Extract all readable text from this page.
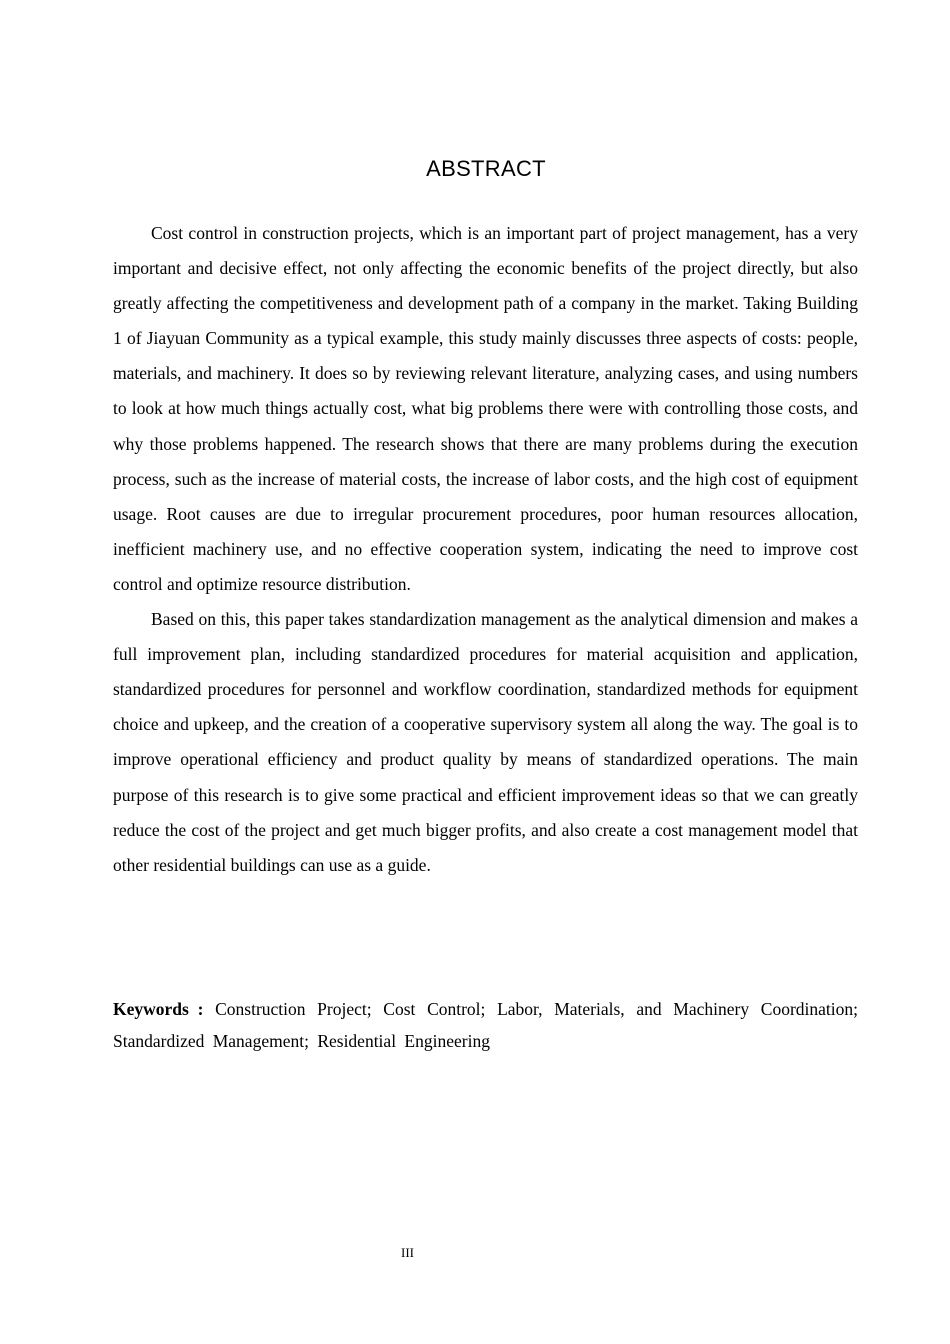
ABSTRACT

Cost control in construction projects, which is an important part of project management, has a very important and decisive effect, not only affecting the economic benefits of the project directly, but also greatly affecting the competitiveness and development path of a company in the market. Taking Building 1 of Jiayuan Community as a typical example, this study mainly discusses three aspects of costs: people, materials, and machinery. It does so by reviewing relevant literature, analyzing cases, and using numbers to look at how much things actually cost, what big problems there were with controlling those costs, and why those problems happened. The research shows that there are many problems during the execution process, such as the increase of material costs, the increase of labor costs, and the high cost of equipment usage. Root causes are due to irregular procurement procedures, poor human resources allocation, inefficient machinery use, and no effective cooperation system, indicating the need to improve cost control and optimize resource distribution.

Based on this, this paper takes standardization management as the analytical dimension and makes a full improvement plan, including standardized procedures for material acquisition and application, standardized procedures for personnel and workflow coordination, standardized methods for equipment choice and upkeep, and the creation of a cooperative supervisory system all along the way. The goal is to improve operational efficiency and product quality by means of standardized operations. The main purpose of this research is to give some practical and efficient improvement ideas so that we can greatly reduce the cost of the project and get much bigger profits, and also create a cost management model that other residential buildings can use as a guide.

Keywords : Construction Project; Cost Control; Labor, Materials, and Machinery Coordination; Standardized Management; Residential Engineering
III
